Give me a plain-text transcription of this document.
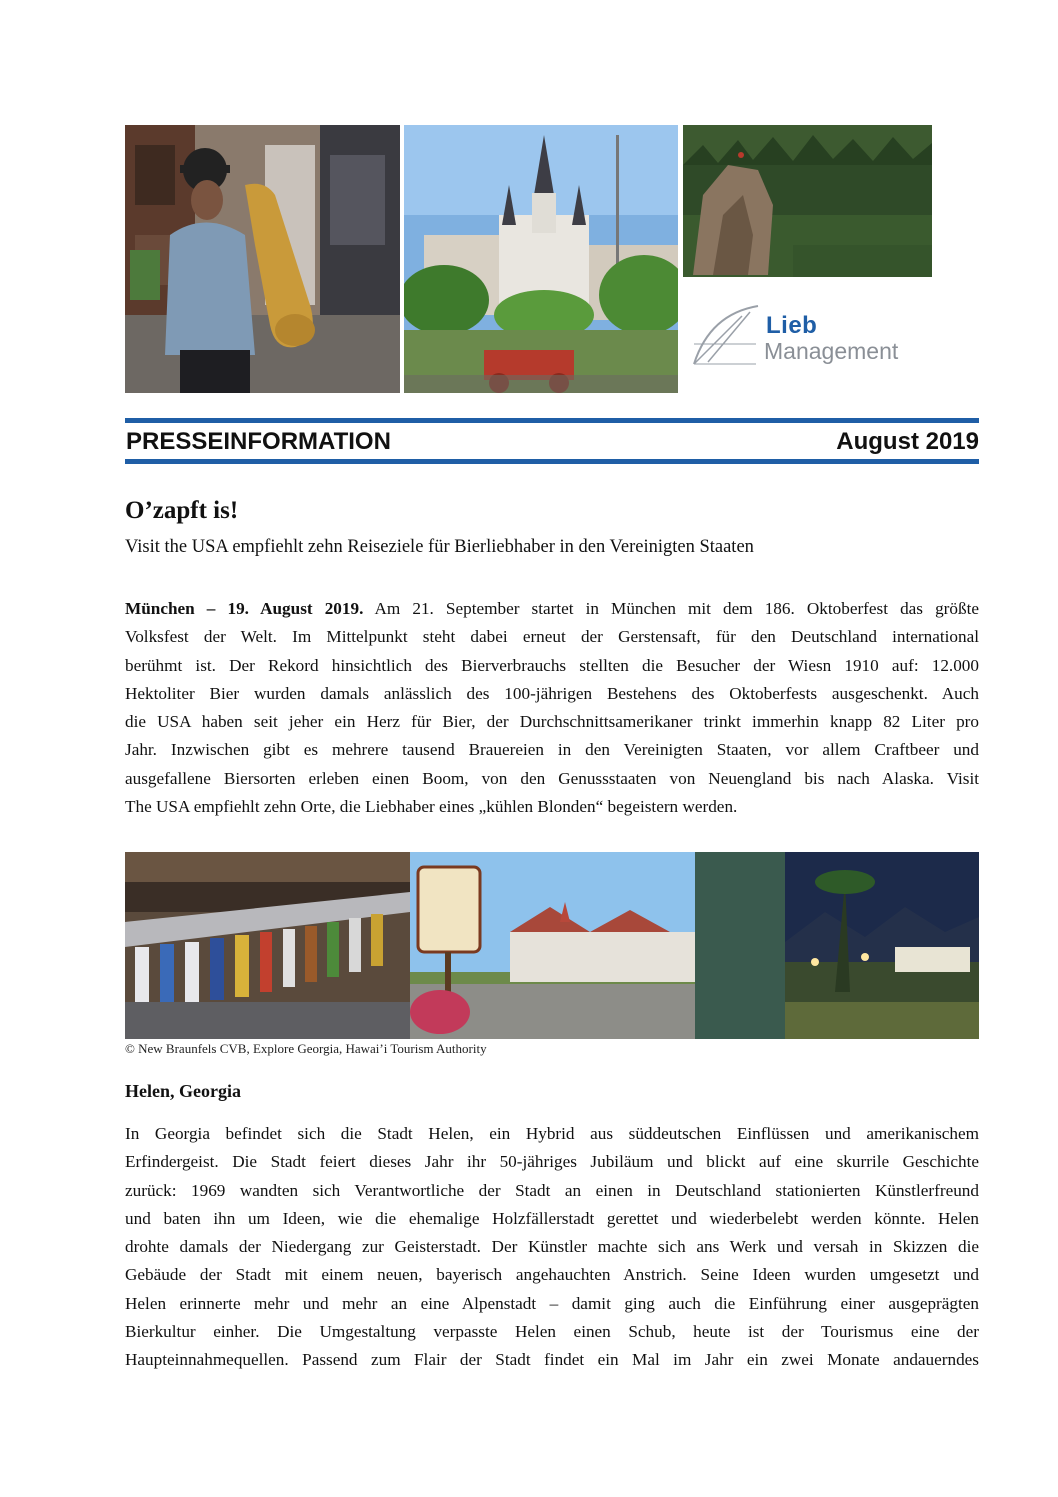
Lieb
Management
PRESSEINFORMATION	August 2019
O’zapft is!
Visit the USA empfiehlt zehn Reiseziele für Bierliebhaber in den Vereinigten Staaten
München – 19. August 2019. Am 21. September startet in München mit dem 186. Oktoberfest das größte
Volksfest der Welt. Im Mittelpunkt steht dabei erneut der Gerstensaft, für den Deutschland international
berühmt ist. Der Rekord hinsichtlich des Bierverbrauchs stellten die Besucher der Wiesn 1910 auf: 12.000
Hektoliter Bier wurden damals anlässlich des 100-jährigen Bestehens des Oktoberfests ausgeschenkt. Auch
die USA haben seit jeher ein Herz für Bier, der Durchschnittsamerikaner trinkt immerhin knapp 82 Liter pro
Jahr. Inzwischen gibt es mehrere tausend Brauereien in den Vereinigten Staaten, vor allem Craftbeer und
ausgefallene Biersorten erleben einen Boom, von den Genussstaaten von Neuengland bis nach Alaska. Visit
The USA empfiehlt zehn Orte, die Liebhaber eines „kühlen Blonden“ begeistern werden.
© New Braunfels CVB, Explore Georgia, Hawai’i Tourism Authority
Helen, Georgia
In Georgia befindet sich die Stadt Helen, ein Hybrid aus süddeutschen Einflüssen und amerikanischem
Erfindergeist. Die Stadt feiert dieses Jahr ihr 50-jähriges Jubiläum und blickt auf eine skurrile Geschichte
zurück: 1969 wandten sich Verantwortliche der Stadt an einen in Deutschland stationierten Künstlerfreund
und baten ihn um Ideen, wie die ehemalige Holzfällerstadt gerettet und wiederbelebt werden könnte. Helen
drohte damals der Niedergang zur Geisterstadt. Der Künstler machte sich ans Werk und versah in Skizzen die
Gebäude der Stadt mit einem neuen, bayerisch angehauchten Anstrich. Seine Ideen wurden umgesetzt und
Helen erinnerte mehr und mehr an eine Alpenstadt – damit ging auch die Einführung einer ausgeprägten
Bierkultur einher. Die Umgestaltung verpasste Helen einen Schub, heute ist der Tourismus eine der
Haupteinnahmequellen. Passend zum Flair der Stadt findet ein Mal im Jahr ein zwei Monate andauerndes
